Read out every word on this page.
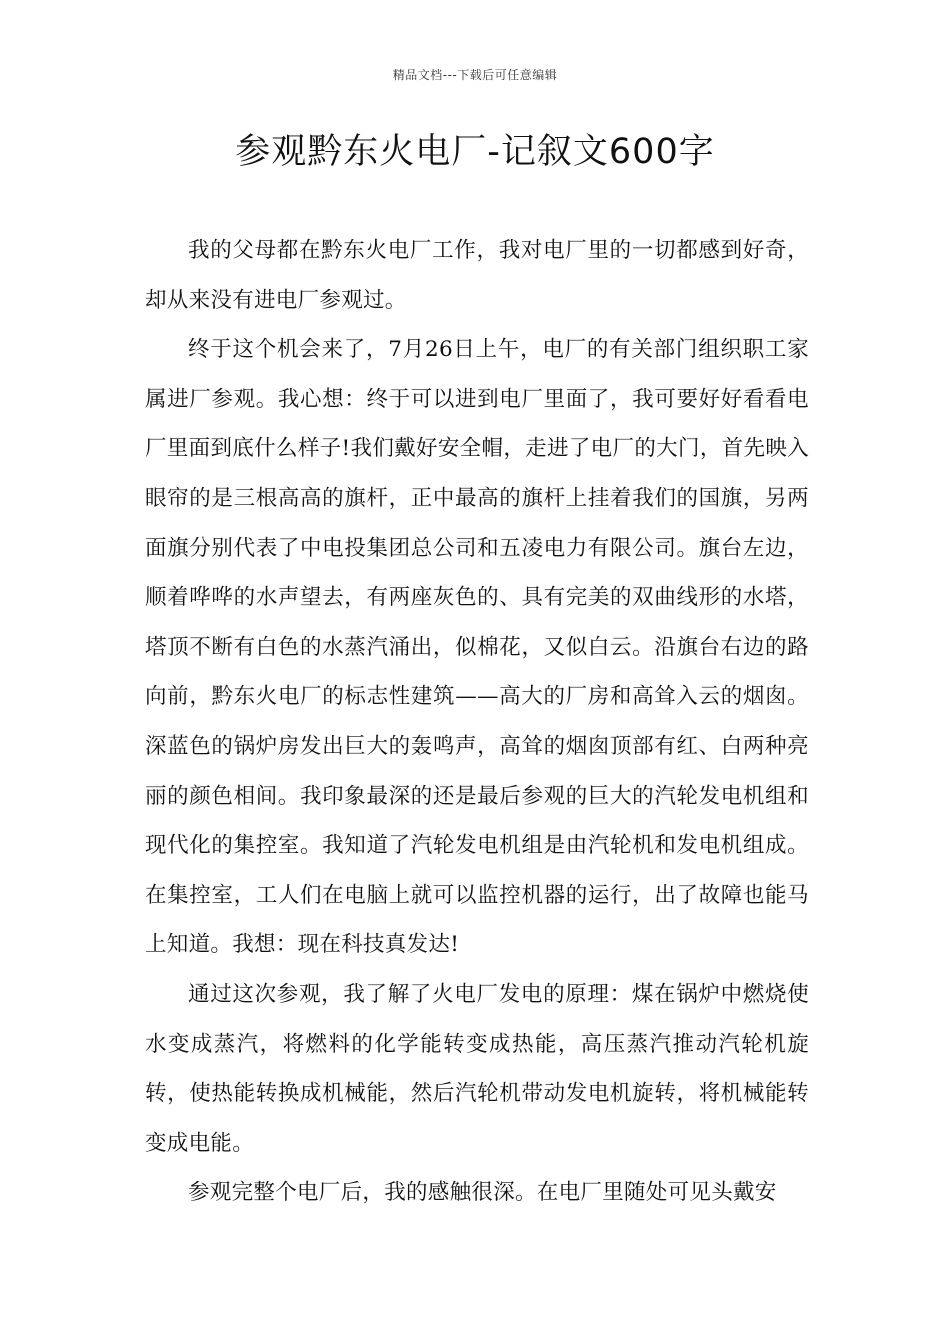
精品文档---下载后可任意编辑
参观黔东火电厂-记叙文600字

我的父母都在黔东火电厂工作，我对电厂里的一切都感到好奇，却从来没有进电厂参观过。

终于这个机会来了，7月26日上午，电厂的有关部门组织职工家属进厂参观。我心想：终于可以进到电厂里面了，我可要好好看看电厂里面到底什么样子!我们戴好安全帽，走进了电厂的大门，首先映入眼帘的是三根高高的旗杆，正中最高的旗杆上挂着我们的国旗，另两面旗分别代表了中电投集团总公司和五凌电力有限公司。旗台左边，顺着哗哗的水声望去，有两座灰色的、具有完美的双曲线形的水塔，塔顶不断有白色的水蒸汽涌出，似棉花，又似白云。沿旗台右边的路向前，黔东火电厂的标志性建筑——高大的厂房和高耸入云的烟囱。深蓝色的锅炉房发出巨大的轰鸣声，高耸的烟囱顶部有红、白两种亮丽的颜色相间。我印象最深的还是最后参观的巨大的汽轮发电机组和现代化的集控室。我知道了汽轮发电机组是由汽轮机和发电机组成。在集控室，工人们在电脑上就可以监控机器的运行，出了故障也能马上知道。我想：现在科技真发达!

通过这次参观，我了解了火电厂发电的原理：煤在锅炉中燃烧使水变成蒸汽，将燃料的化学能转变成热能，高压蒸汽推动汽轮机旋转，使热能转换成机械能，然后汽轮机带动发电机旋转，将机械能转变成电能。

参观完整个电厂后，我的感触很深。在电厂里随处可见头戴安
